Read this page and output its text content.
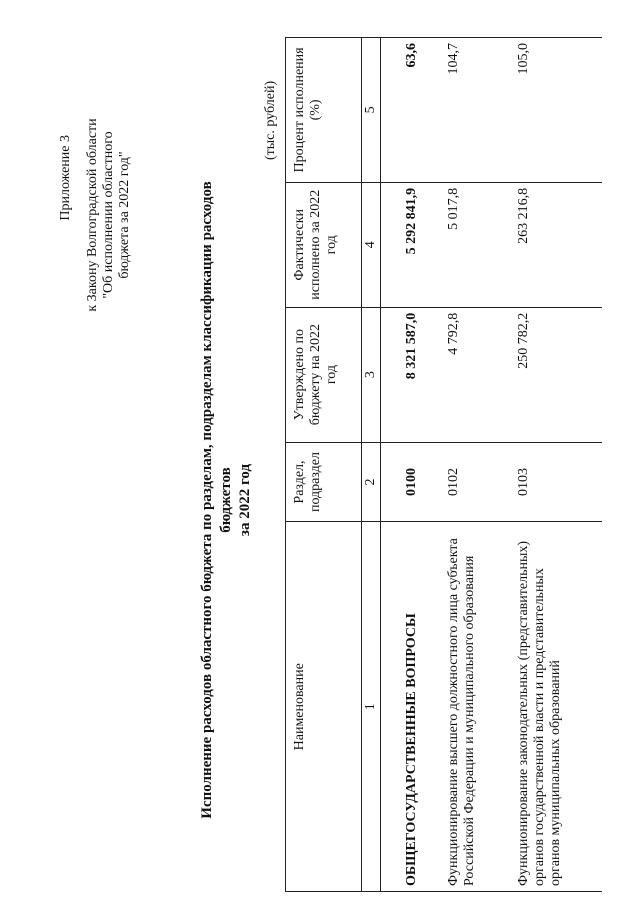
Приложение 3 к Закону Волгоградской области "Об исполнении областного бюджета за 2022 год"	Исполнение расходов областного бюджета по разделам, подразделам классификации расходов бюджетов за 2022 год
(тыс. рублей)
Наименование	Раздел, подраздел	Утверждено по бюджету на 2022 год	Фактически исполнено за 2022 год	Процент исполнения (%)
1	2	3	4	5
ОБЩЕГОСУДАРСТВЕННЫЕ ВОПРОСЫ	0100	8 321 587,0	5 292 841,9	63,6
Функционирование высшего должностного лица субъекта Российской Федерации и муниципального образования	0102	4 792,8	5 017,8	104,7
Функционирование законодательных (представительных) органов государственной власти и представительных органов муниципальных образований	0103	250 782,2	263 216,8	105,0
